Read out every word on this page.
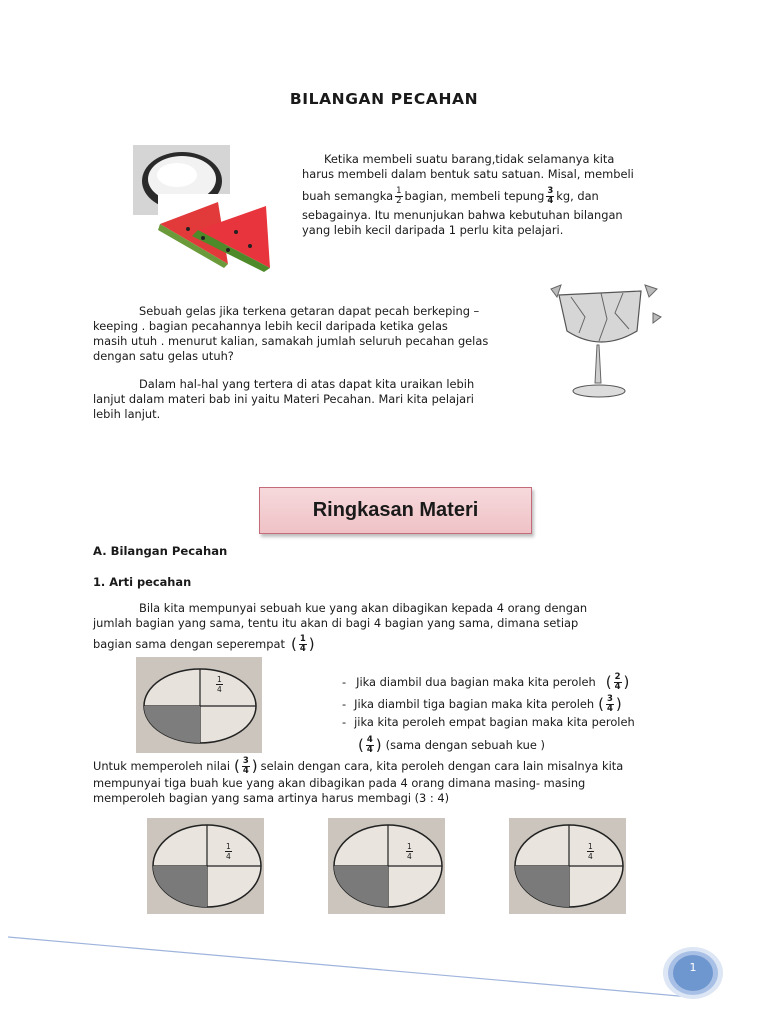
BILANGAN PECAHAN
Ketika membeli suatu barang,tidak selamanya kita
harus membeli dalam bentuk satu satuan. Misal, membeli
buah semangka $\frac{1}{2}$ bagian, membeli tepung $\frac{3}{4}$ kg, dan
sebagainya. Itu menunjukan bahwa kebutuhan bilangan
yang lebih kecil daripada 1 perlu kita pelajari.
Sebuah gelas jika terkena getaran dapat pecah berkeping –
keeping . bagian pecahannya lebih kecil daripada ketika gelas
masih utuh . menurut kalian, samakah jumlah seluruh pecahan gelas
dengan satu gelas utuh?
Dalam hal-hal yang tertera di atas dapat kita uraikan lebih
lanjut dalam materi bab ini yaitu Materi Pecahan. Mari kita pelajari
lebih lanjut.
Ringkasan Materi
A. Bilangan Pecahan
1. Arti pecahan
Bila kita mempunyai sebuah kue yang akan dibagikan kepada 4 orang dengan
jumlah bagian yang sama, tentu itu akan di bagi 4 bagian yang sama, dimana setiap
bagian sama dengan seperempat ( $\frac{1}{4}$ )
$\frac{1}{4}$	- Jika diambil dua bagian maka kita peroleh ( $\frac{2}{4}$ )
- Jika diambil tiga bagian maka kita peroleh ( $\frac{3}{4}$ )
- jika kita peroleh empat bagian maka kita peroleh
( $\frac{4}{4}$ ) (sama dengan sebuah kue )
Untuk memperoleh nilai ( $\frac{3}{4}$ ) selain dengan cara, kita peroleh dengan cara lain misalnya kita
mempunyai tiga buah kue yang akan dibagikan pada 4 orang dimana masing- masing
memperoleh bagian yang sama artinya harus membagi (3 : 4)
$\frac{1}{4}$	$\frac{1}{4}$	$\frac{1}{4}$
1
